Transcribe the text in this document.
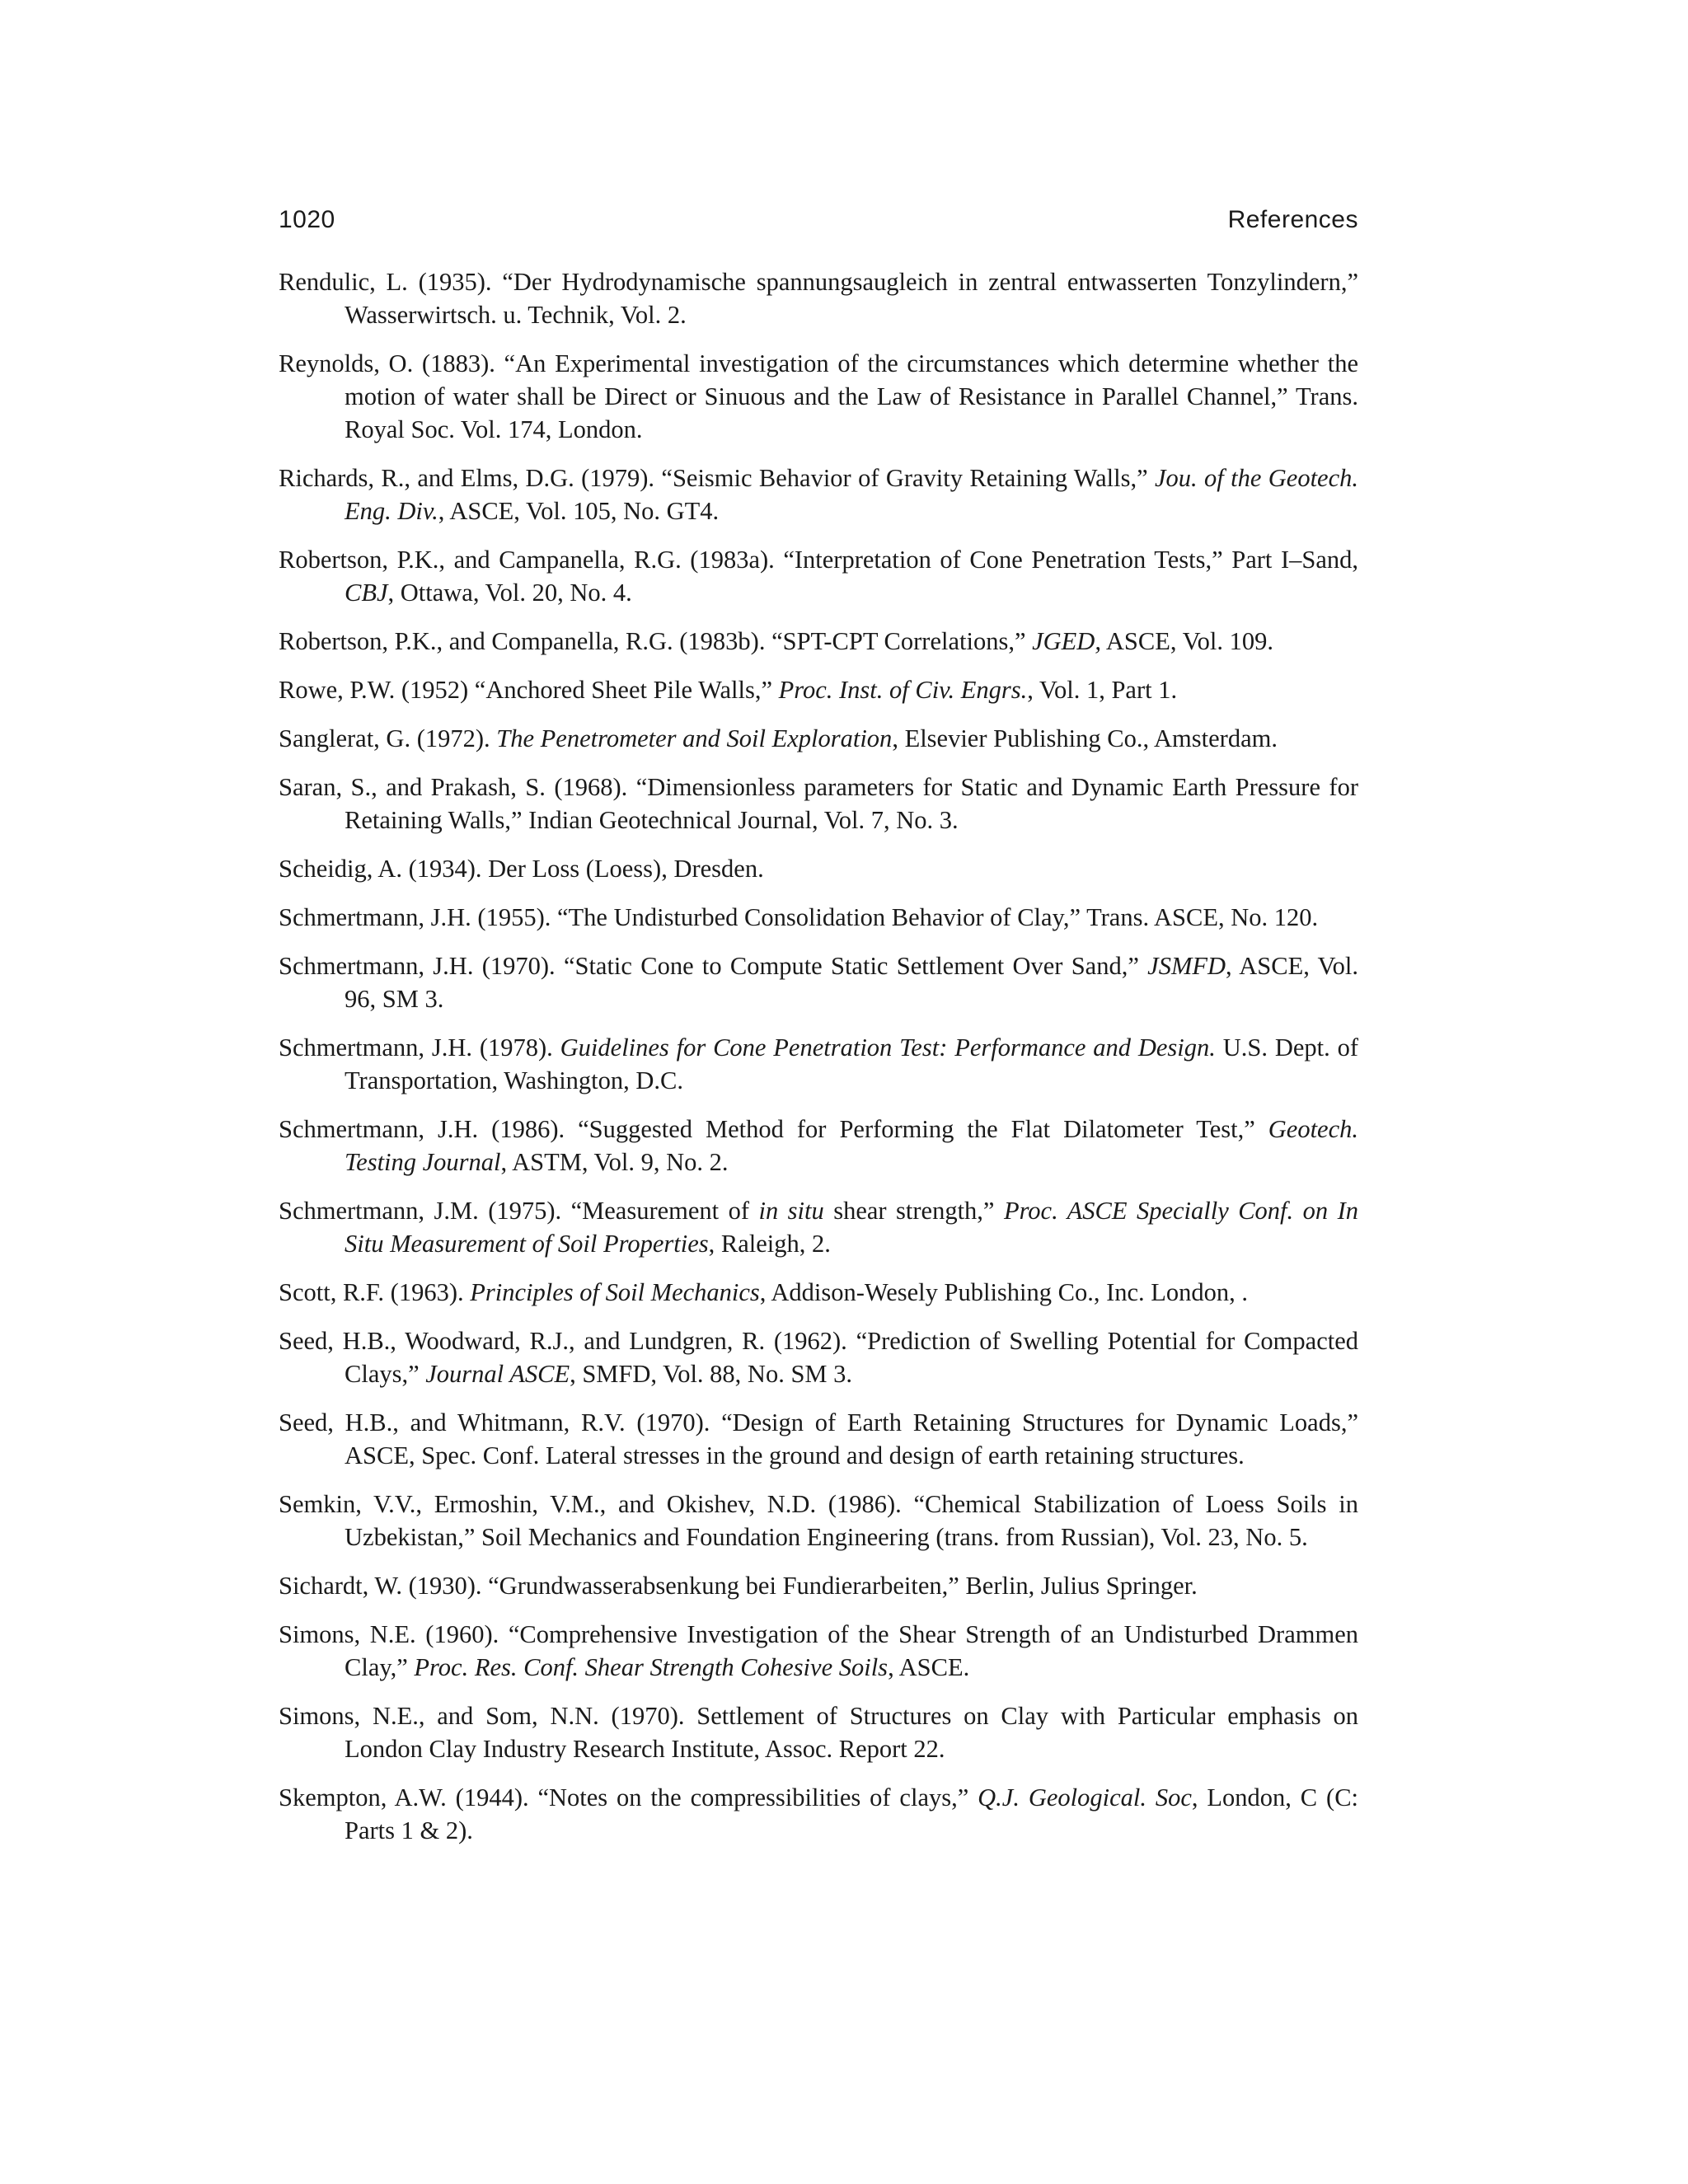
1020	References
Rendulic, L. (1935). “Der Hydrodynamische spannungsaugleich in zentral entwasserten Tonzylindern,” Wasserwirtsch. u. Technik, Vol. 2.
Reynolds, O. (1883). “An Experimental investigation of the circumstances which determine whether the motion of water shall be Direct or Sinuous and the Law of Resistance in Parallel Channel,” Trans. Royal Soc. Vol. 174, London.
Richards, R., and Elms, D.G. (1979). “Seismic Behavior of Gravity Retaining Walls,” Jou. of the Geotech. Eng. Div., ASCE, Vol. 105, No. GT4.
Robertson, P.K., and Campanella, R.G. (1983a). “Interpretation of Cone Penetration Tests,” Part I–Sand, CBJ, Ottawa, Vol. 20, No. 4.
Robertson, P.K., and Companella, R.G. (1983b). “SPT-CPT Correlations,” JGED, ASCE, Vol. 109.
Rowe, P.W. (1952) “Anchored Sheet Pile Walls,” Proc. Inst. of Civ. Engrs., Vol. 1, Part 1.
Sanglerat, G. (1972). The Penetrometer and Soil Exploration, Elsevier Publishing Co., Amsterdam.
Saran, S., and Prakash, S. (1968). “Dimensionless parameters for Static and Dynamic Earth Pressure for Retaining Walls,” Indian Geotechnical Journal, Vol. 7, No. 3.
Scheidig, A. (1934). Der Loss (Loess), Dresden.
Schmertmann, J.H. (1955). “The Undisturbed Consolidation Behavior of Clay,” Trans. ASCE, No. 120.
Schmertmann, J.H. (1970). “Static Cone to Compute Static Settlement Over Sand,” JSMFD, ASCE, Vol. 96, SM 3.
Schmertmann, J.H. (1978). Guidelines for Cone Penetration Test: Performance and Design. U.S. Dept. of Transportation, Washington, D.C.
Schmertmann, J.H. (1986). “Suggested Method for Performing the Flat Dilatometer Test,” Geotech. Testing Journal, ASTM, Vol. 9, No. 2.
Schmertmann, J.M. (1975). “Measurement of in situ shear strength,” Proc. ASCE Specially Conf. on In Situ Measurement of Soil Properties, Raleigh, 2.
Scott, R.F. (1963). Principles of Soil Mechanics, Addison-Wesely Publishing Co., Inc. London, .
Seed, H.B., Woodward, R.J., and Lundgren, R. (1962). “Prediction of Swelling Potential for Compacted Clays,” Journal ASCE, SMFD, Vol. 88, No. SM 3.
Seed, H.B., and Whitmann, R.V. (1970). “Design of Earth Retaining Structures for Dynamic Loads,” ASCE, Spec. Conf. Lateral stresses in the ground and design of earth retaining structures.
Semkin, V.V., Ermoshin, V.M., and Okishev, N.D. (1986). “Chemical Stabilization of Loess Soils in Uzbekistan,” Soil Mechanics and Foundation Engineering (trans. from Russian), Vol. 23, No. 5.
Sichardt, W. (1930). “Grundwasserabsenkung bei Fundierarbeiten,” Berlin, Julius Springer.
Simons, N.E. (1960). “Comprehensive Investigation of the Shear Strength of an Undisturbed Drammen Clay,” Proc. Res. Conf. Shear Strength Cohesive Soils, ASCE.
Simons, N.E., and Som, N.N. (1970). Settlement of Structures on Clay with Particular emphasis on London Clay Industry Research Institute, Assoc. Report 22.
Skempton, A.W. (1944). “Notes on the compressibilities of clays,” Q.J. Geological. Soc, London, C (C: Parts 1 & 2).
